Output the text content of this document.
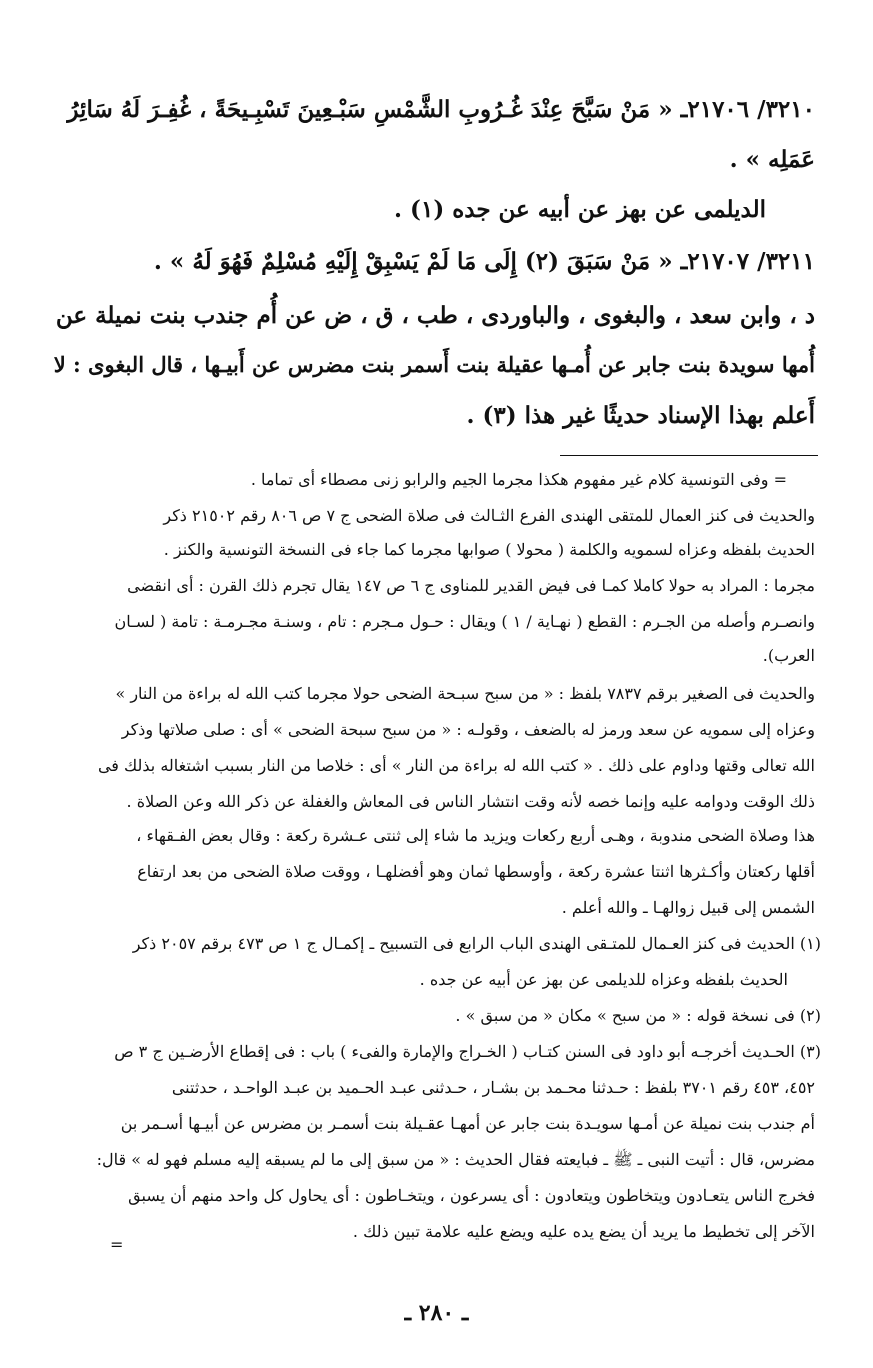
٣٢١٠/ ٢١٧٠٦ـ « مَنْ سَبَّحَ عِنْدَ غُـرُوبِ الشَّمْسِ سَبْـعِينَ تَسْبِـيحَةً ، غُفِـرَ لَهُ سَائِرُ
عَمَلِه » .
الديلمى عن بهز عن أبيه عن جده (١) .
٣٢١١/ ٢١٧٠٧ـ « مَنْ سَبَقَ (٢) إِلَى مَا لَمْ يَسْبِقْ إِلَيْهِ مُسْلِمٌ فَهُوَ لَهُ » .
د ، وابن سعد ، والبغوى ، والباوردى ، طب ، ق ، ض عن أُم جندب بنت نميلة عن
أُمها سويدة بنت جابر عن أُمـها عقيلة بنت أَسمر بنت مضرس عن أَبيـها ، قال البغوى : لا
أَعلم بهذا الإسناد حديثًا غير هذا (٣) .
= وفى التونسية كلام غير مفهوم هكذا مجرما الجيم والرابو زنى مصطاء أى تماما .
والحديث فى كنز العمال للمتقى الهندى الفرع الثـالث فى صلاة الضحى ج ٧ ص ٨٠٦ رقم ٢١٥٠٢ ذكر
الحديث بلفظه وعزاه لسمويه والكلمة ( محولا ) صوابها مجرما كما جاء فى النسخة التونسية والكنز .
مجرما : المراد به حولا كاملا كمـا فى فيض القدير للمناوى ج ٦ ص ١٤٧ يقال تجرم ذلك القرن : أى انقضى
وانصـرم وأصله من الجـرم : القطع ( نهـاية / ١ ) ويقال : حـول مـجرم : تام ، وسنـة مجـرمـة : تامة ( لسـان
العرب).
والحديث فى الصغير برقم ٧٨٣٧ بلفظ : « من سبح سبـحة الضحى حولا مجرما كتب الله له براءة من النار »
وعزاه إلى سمويه عن سعد ورمز له بالضعف ، وقولـه : « من سبح سبحة الضحى » أى : صلى صلاتها وذكر
الله تعالى وقتها وداوم على ذلك . « كتب الله له براءة من النار » أى : خلاصا من النار بسبب اشتغاله بذلك فى
ذلك الوقت ودوامه عليه وإنما خصه لأنه وقت انتشار الناس فى المعاش والغفلة عن ذكر الله وعن الصلاة .
هذا وصلاة الضحى مندوبة ، وهـى أربع ركعات ويزيد ما شاء إلى ثنتى عـشرة ركعة : وقال بعض الفـقهاء ،
أقلها ركعتان وأكـثرها اثنتا عشرة ركعة ، وأوسطها ثمان وهو أفضلهـا ، ووقت صلاة الضحى من بعد ارتفاع
الشمس إلى قبيل زوالهـا ـ والله أعلم .
(١) الحديث فى كنز العـمال للمتـقى الهندى الباب الرابع فى التسبيح ـ إكمـال ج ١ ص ٤٧٣ برقم ٢٠٥٧ ذكر
الحديث بلفظه وعزاه للديلمى عن بهز عن أبيه عن جده .
(٢) فى نسخة قوله : « من سبح » مكان « من سبق » .
(٣) الحـديث أخرجـه أبو داود فى السنن كتـاب ( الخـراج والإمارة والفىء ) باب : فى إقطاع الأرضـين ج ٣ ص
٤٥٢، ٤٥٣ رقم ٣٧٠١ بلفظ : حـدثنا محـمد بن بشـار ، حـدثنى عبـد الحـميد بن عبـد الواحـد ، حدثتنى
أم جندب بنت نميلة عن أمـها سويـدة بنت جابر عن أمهـا عقـيلة بنت أسمـر بن مضرس عن أبيـها أسـمر بن
مضرس، قال : أتيت النبى ـ ﷺ ـ فبايعته فقال الحديث : « من سبق إلى ما لم يسبقه إليه مسلم فهو له » قال:
فخرج الناس يتعـادون ويتخاطون ويتعادون : أى يسرعون ، ويتخـاطون : أى يحاول كل واحد منهم أن يسبق
الآخر إلى تخطيط ما يريد أن يضع يده عليه ويضع عليه علامة تبين ذلك .
=
ـ ٢٨٠ ـ
